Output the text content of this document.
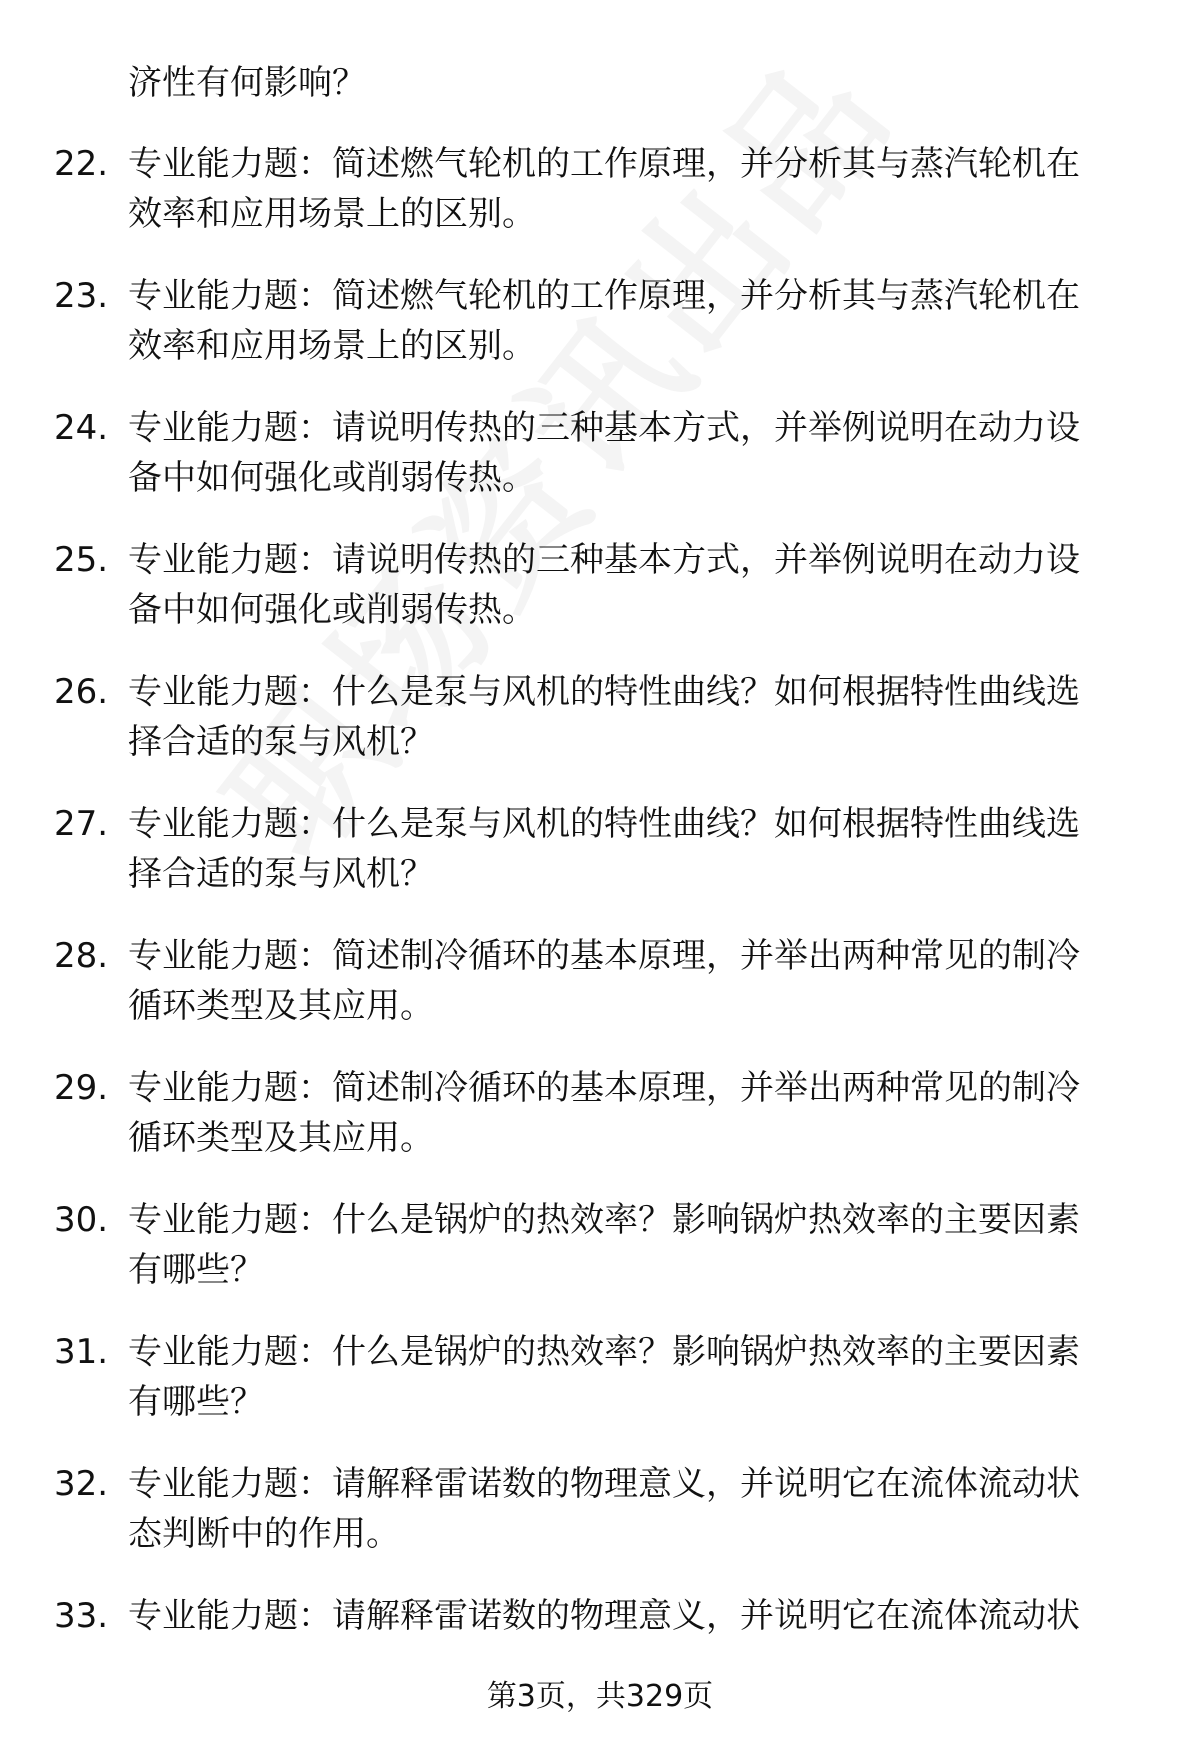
济性有何影响？
22. 专业能力题：简述燃气轮机的工作原理，并分析其与蒸汽轮机在
效率和应用场景上的区别。
23. 专业能力题：简述燃气轮机的工作原理，并分析其与蒸汽轮机在
效率和应用场景上的区别。
24. 专业能力题：请说明传热的三种基本方式，并举例说明在动力设
备中如何强化或削弱传热。
25. 专业能力题：请说明传热的三种基本方式，并举例说明在动力设
备中如何强化或削弱传热。
26. 专业能力题：什么是泵与风机的特性曲线？如何根据特性曲线选
择合适的泵与风机？
27. 专业能力题：什么是泵与风机的特性曲线？如何根据特性曲线选
择合适的泵与风机？
28. 专业能力题：简述制冷循环的基本原理，并举出两种常见的制冷
循环类型及其应用。
29. 专业能力题：简述制冷循环的基本原理，并举出两种常见的制冷
循环类型及其应用。
30. 专业能力题：什么是锅炉的热效率？影响锅炉热效率的主要因素
有哪些？
31. 专业能力题：什么是锅炉的热效率？影响锅炉热效率的主要因素
有哪些？
32. 专业能力题：请解释雷诺数的物理意义，并说明它在流体流动状
态判断中的作用。
33. 专业能力题：请解释雷诺数的物理意义，并说明它在流体流动状
第3页，共329页
